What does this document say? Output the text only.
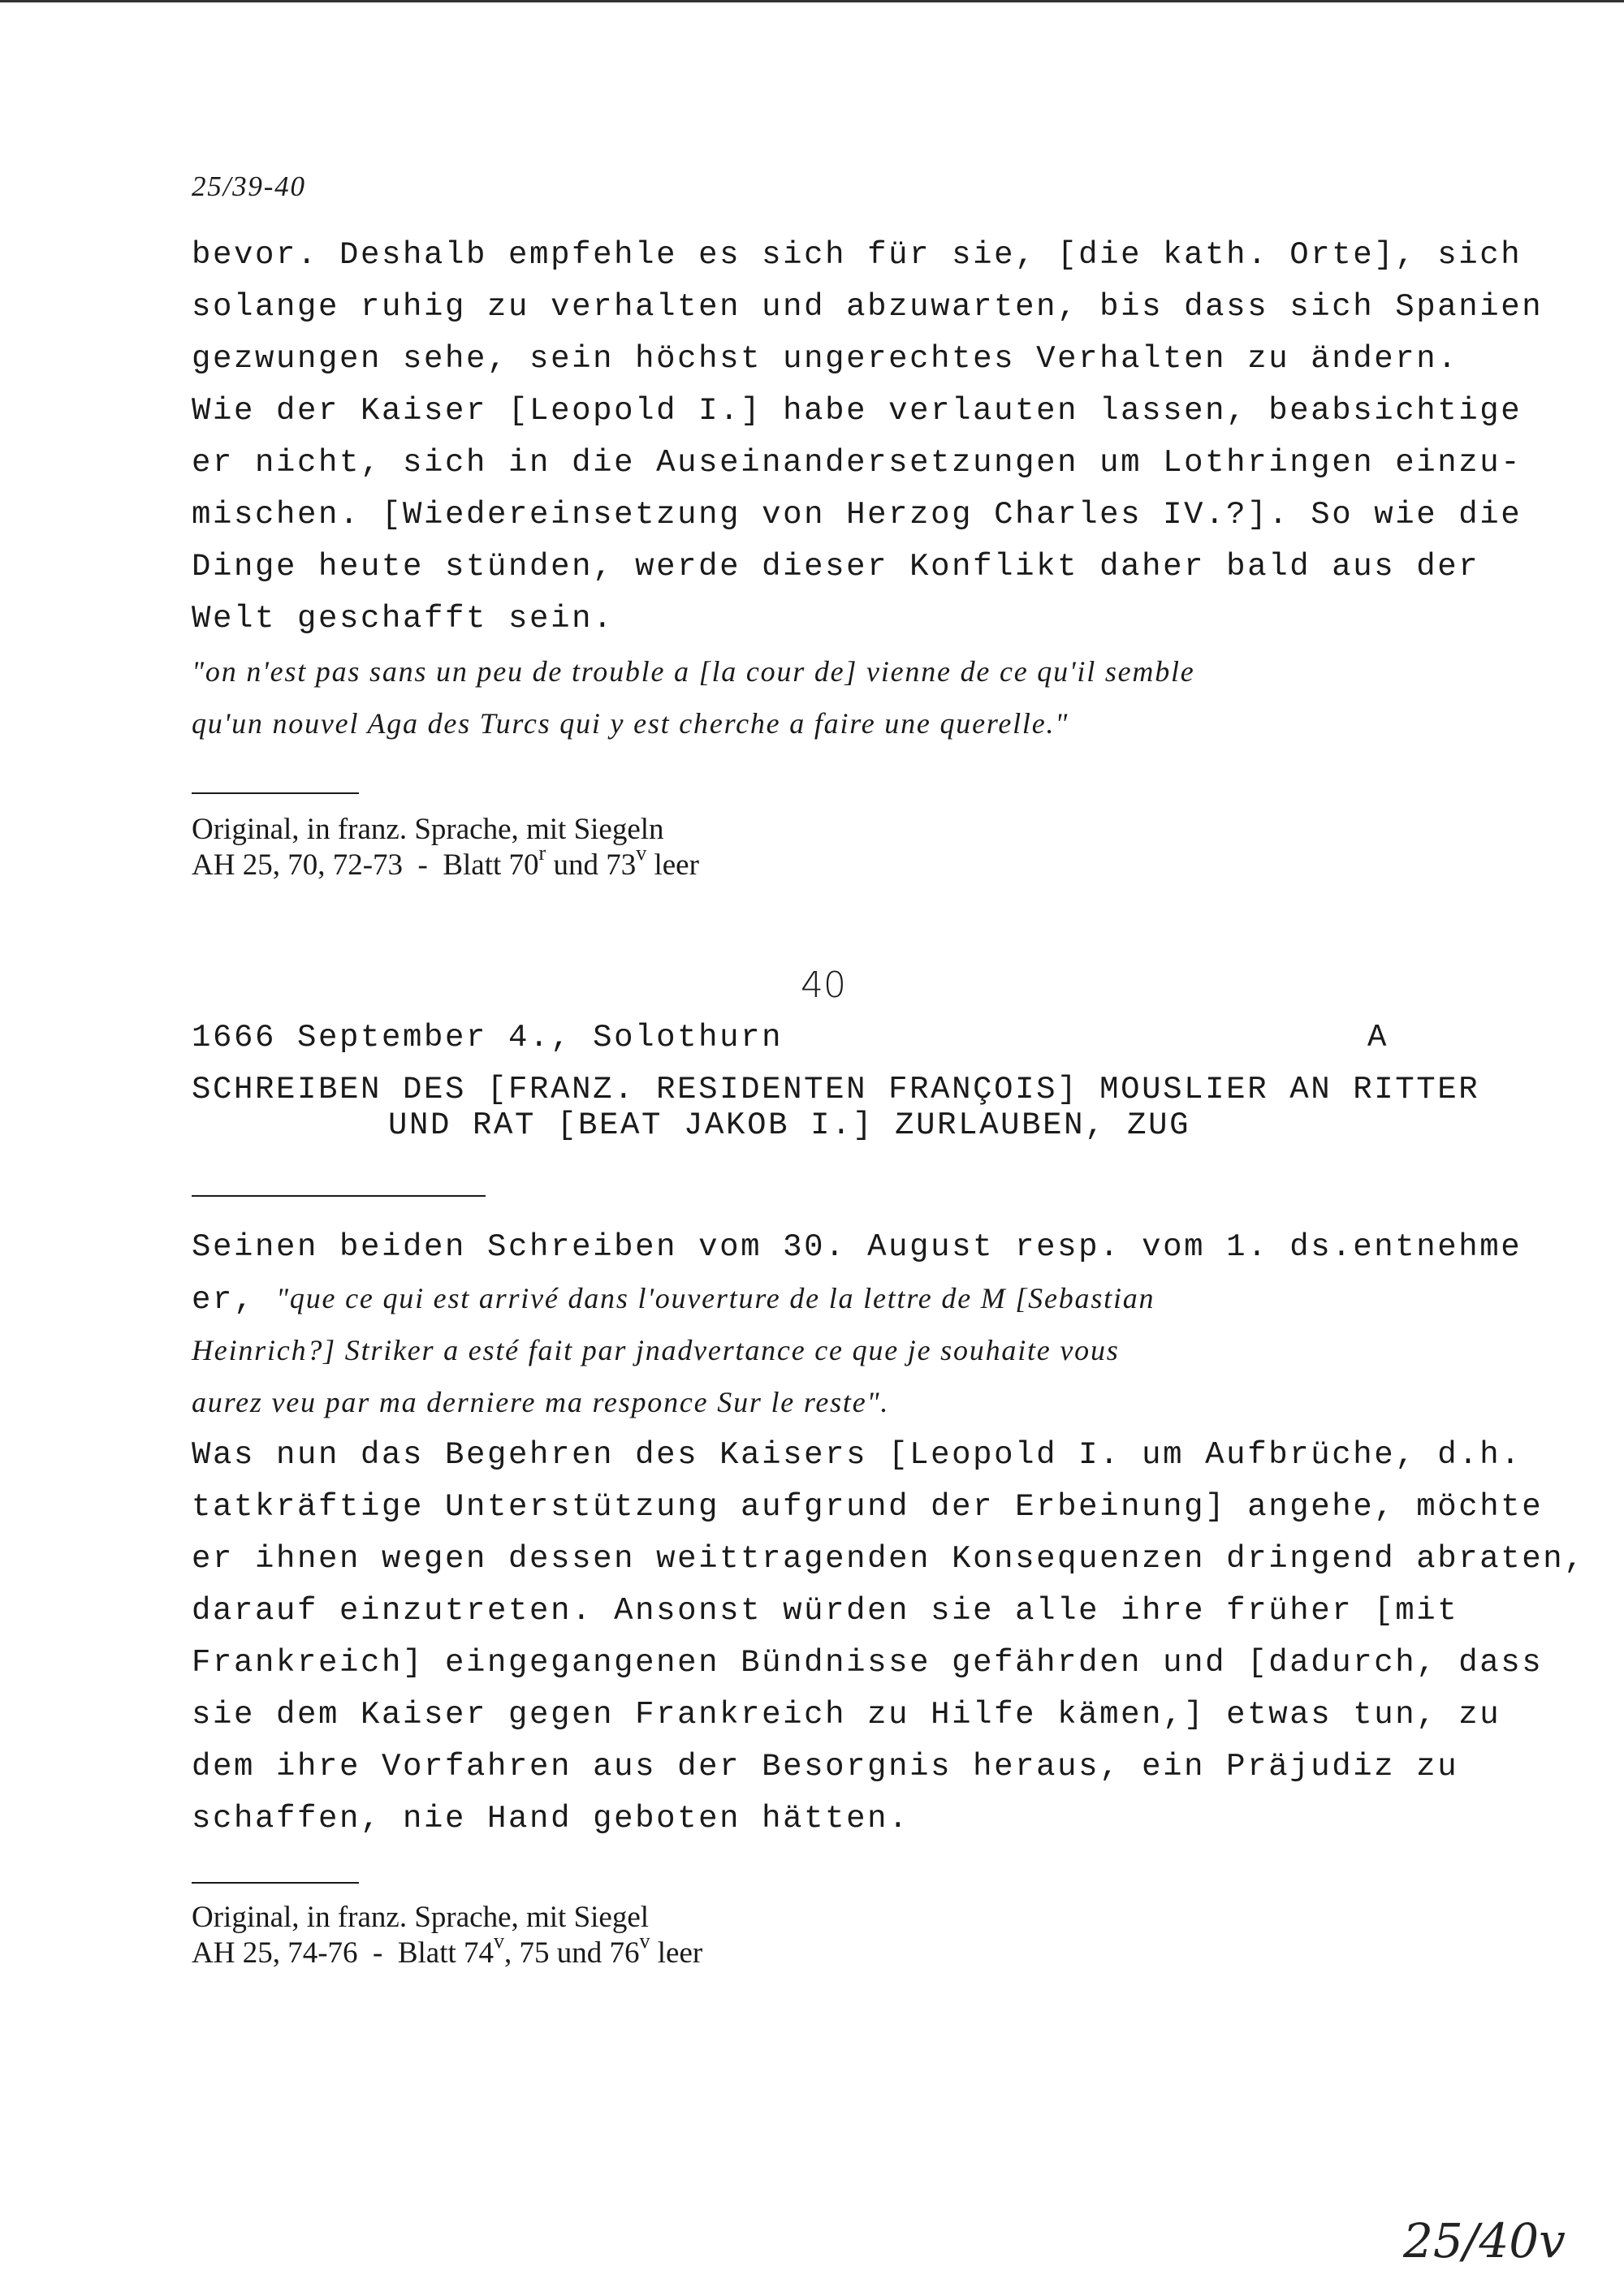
25/39-40
bevor. Deshalb empfehle es sich für sie, [die kath. Orte], sich
solange ruhig zu verhalten und abzuwarten, bis dass sich Spanien
gezwungen sehe, sein höchst ungerechtes Verhalten zu ändern.
Wie der Kaiser [Leopold I.] habe verlauten lassen, beabsichtige
er nicht, sich in die Auseinandersetzungen um Lothringen einzu-
mischen. [Wiedereinsetzung von Herzog Charles IV.?]. So wie die
Dinge heute stünden, werde dieser Konflikt daher bald aus der
Welt geschafft sein.
"on n'est pas sans un peu de trouble a [la cour de] vienne de ce qu'il semble
qu'un nouvel Aga des Turcs qui y est cherche a faire une querelle."
Original, in franz. Sprache, mit Siegeln
AH 25, 70, 72-73  -  Blatt 70$^r$ und 73$^v$ leer
40
1666 September 4., Solothurn	A
SCHREIBEN DES [FRANZ. RESIDENTEN FRANÇOIS] MOUSLIER AN RITTER
UND RAT [BEAT JAKOB I.] ZURLAUBEN, ZUG
Seinen beiden Schreiben vom 30. August resp. vom 1. ds.entnehme
er, "que ce qui est arrivé dans l'ouverture de la lettre de M [Sebastian
Heinrich?] Striker a esté fait par jnadvertance ce que je souhaite vous
aurez veu par ma derniere ma responce Sur le reste".
Was nun das Begehren des Kaisers [Leopold I. um Aufbrüche, d.h.
tatkräftige Unterstützung aufgrund der Erbeinung] angehe, möchte
er ihnen wegen dessen weittragenden Konsequenzen dringend abraten,
darauf einzutreten. Ansonst würden sie alle ihre früher [mit
Frankreich] eingegangenen Bündnisse gefährden und [dadurch, dass
sie dem Kaiser gegen Frankreich zu Hilfe kämen,] etwas tun, zu
dem ihre Vorfahren aus der Besorgnis heraus, ein Präjudiz zu
schaffen, nie Hand geboten hätten.
Original, in franz. Sprache, mit Siegel
AH 25, 74-76  -  Blatt 74$^v$, 75 und 76$^v$ leer
25/40v
